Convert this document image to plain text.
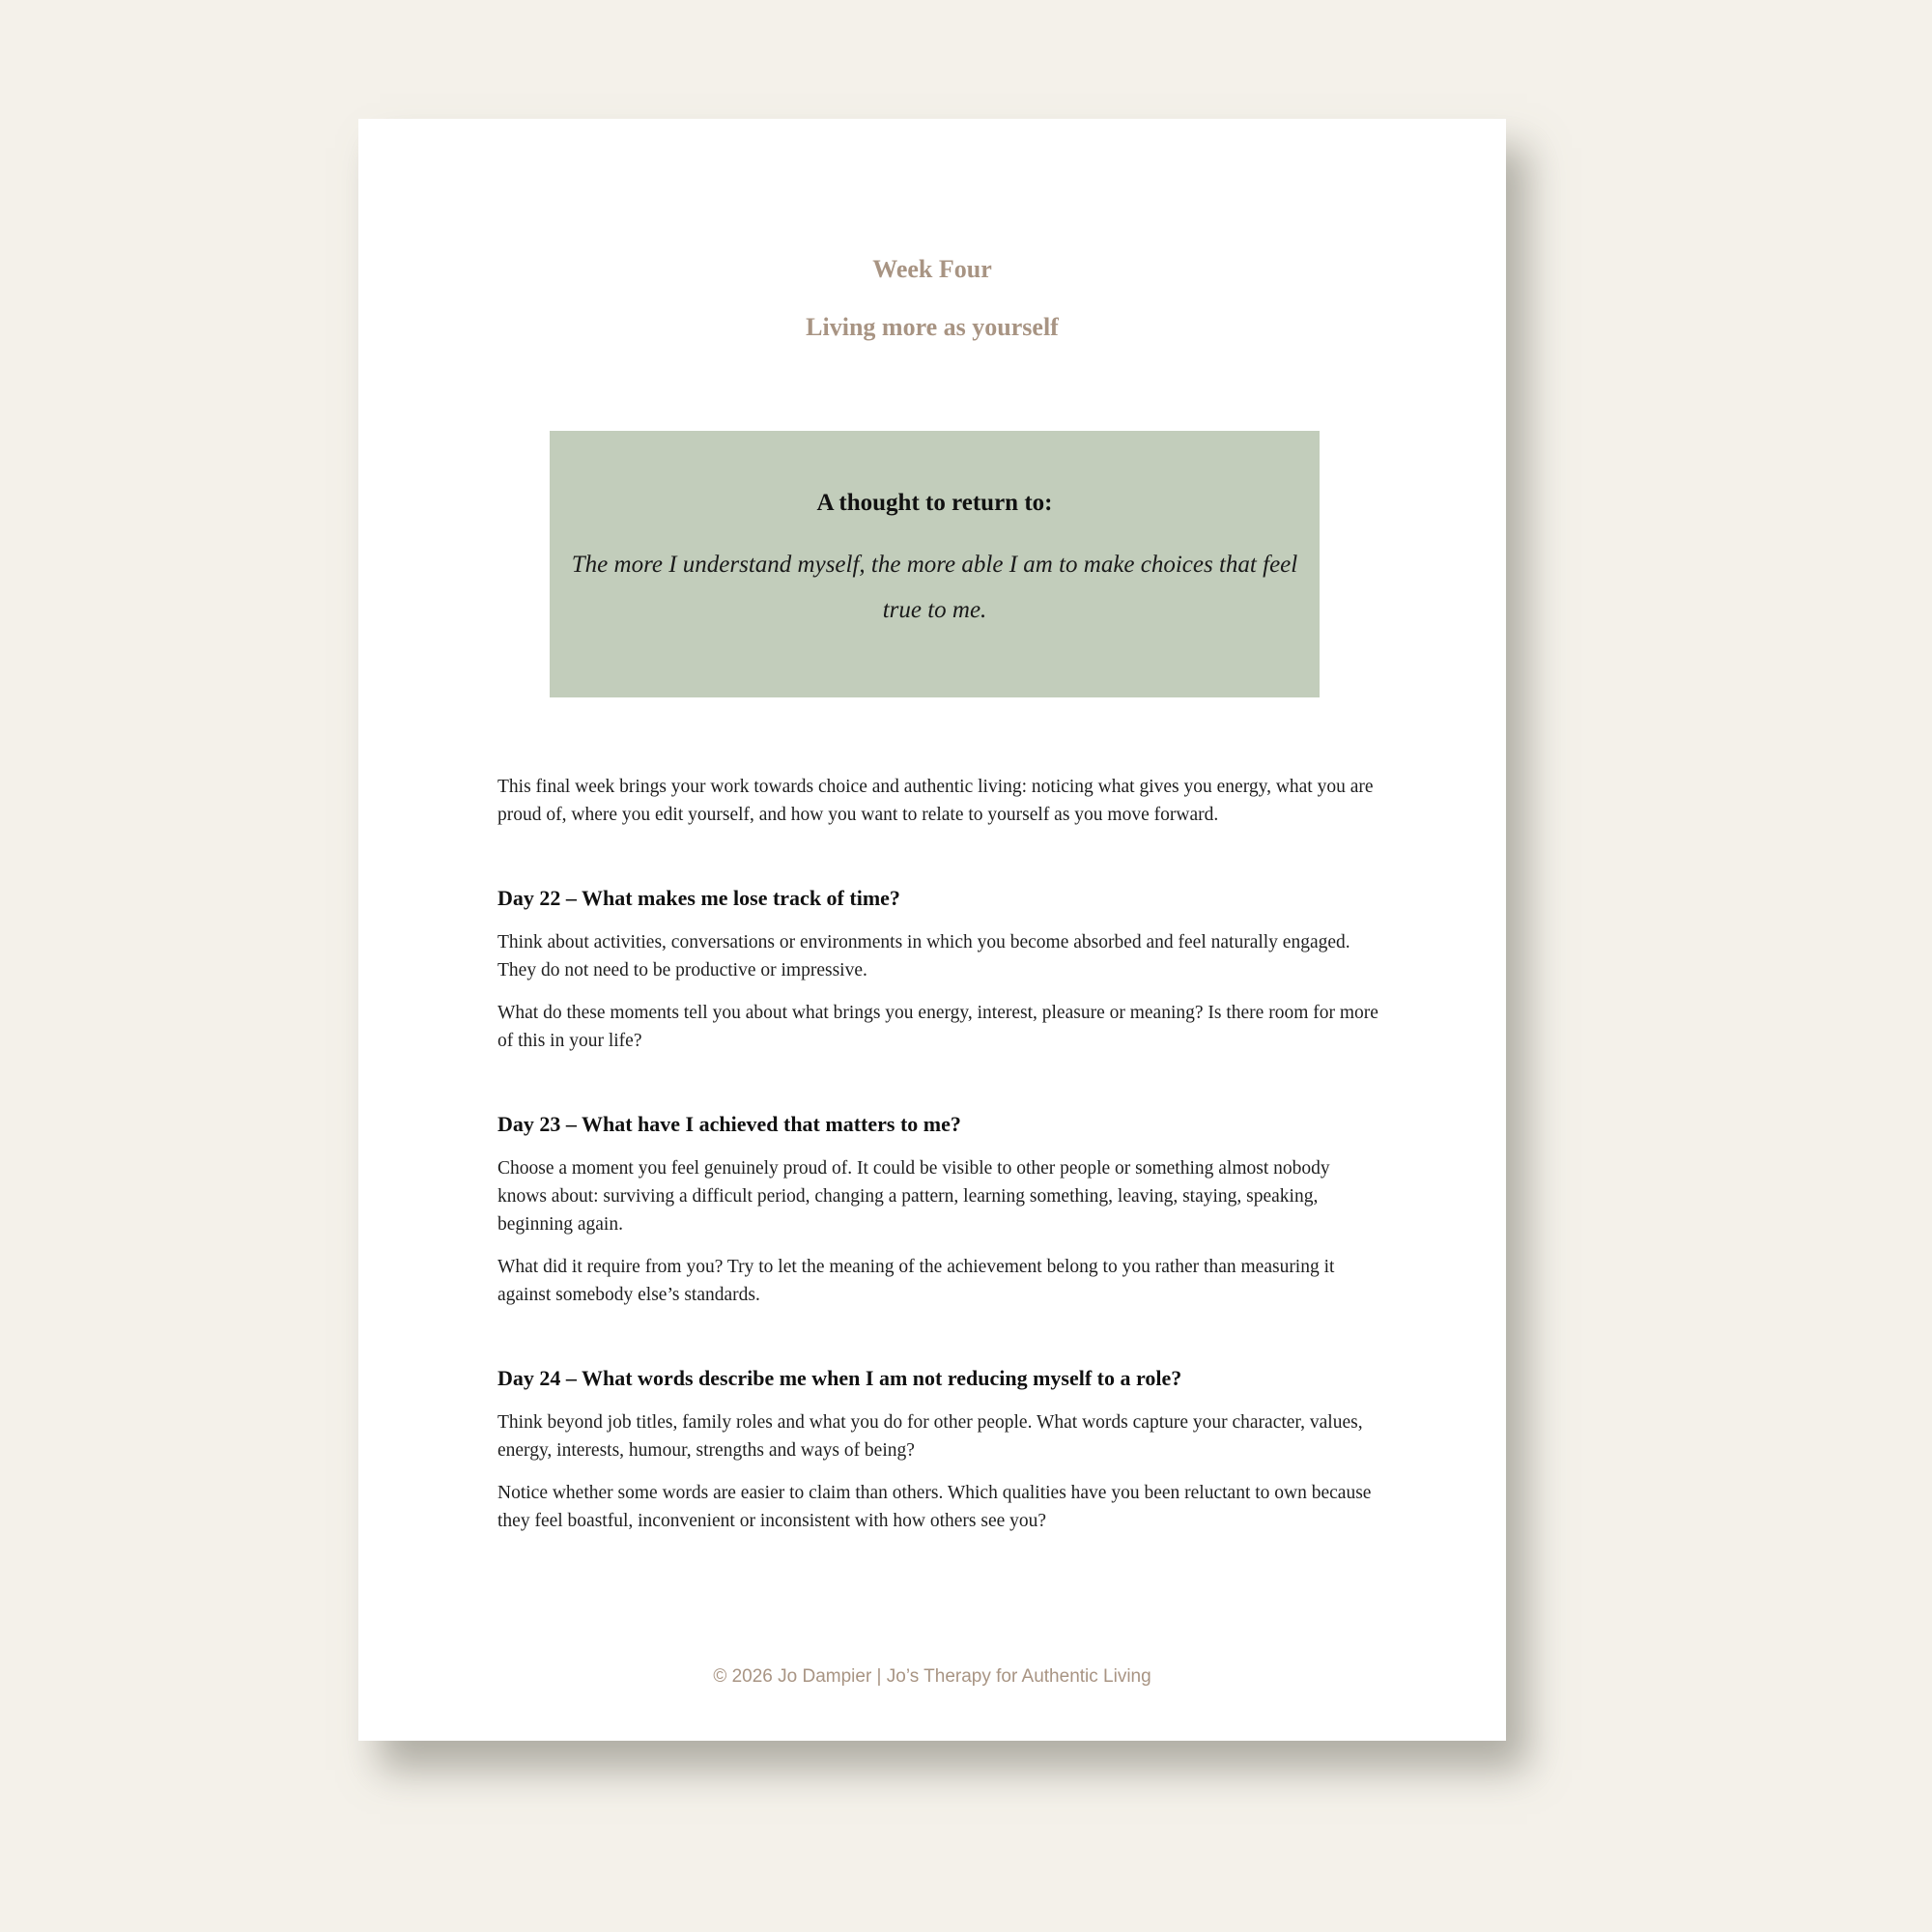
Week Four
Living more as yourself
A thought to return to:
The more I understand myself, the more able I am to make choices that feel true to me.

This final week brings your work towards choice and authentic living: noticing what gives you energy, what you are proud of, where you edit yourself, and how you want to relate to yourself as you move forward.

Day 22 – What makes me lose track of time?

Think about activities, conversations or environments in which you become absorbed and feel naturally engaged. They do not need to be productive or impressive.

What do these moments tell you about what brings you energy, interest, pleasure or meaning? Is there room for more of this in your life?

Day 23 – What have I achieved that matters to me?

Choose a moment you feel genuinely proud of. It could be visible to other people or something almost nobody knows about: surviving a difficult period, changing a pattern, learning something, leaving, staying, speaking, beginning again.

What did it require from you? Try to let the meaning of the achievement belong to you rather than measuring it against somebody else’s standards.

Day 24 – What words describe me when I am not reducing myself to a role?

Think beyond job titles, family roles and what you do for other people. What words capture your character, values, energy, interests, humour, strengths and ways of being?

Notice whether some words are easier to claim than others. Which qualities have you been reluctant to own because they feel boastful, inconvenient or inconsistent with how others see you?

© 2026 Jo Dampier | Jo’s Therapy for Authentic Living
